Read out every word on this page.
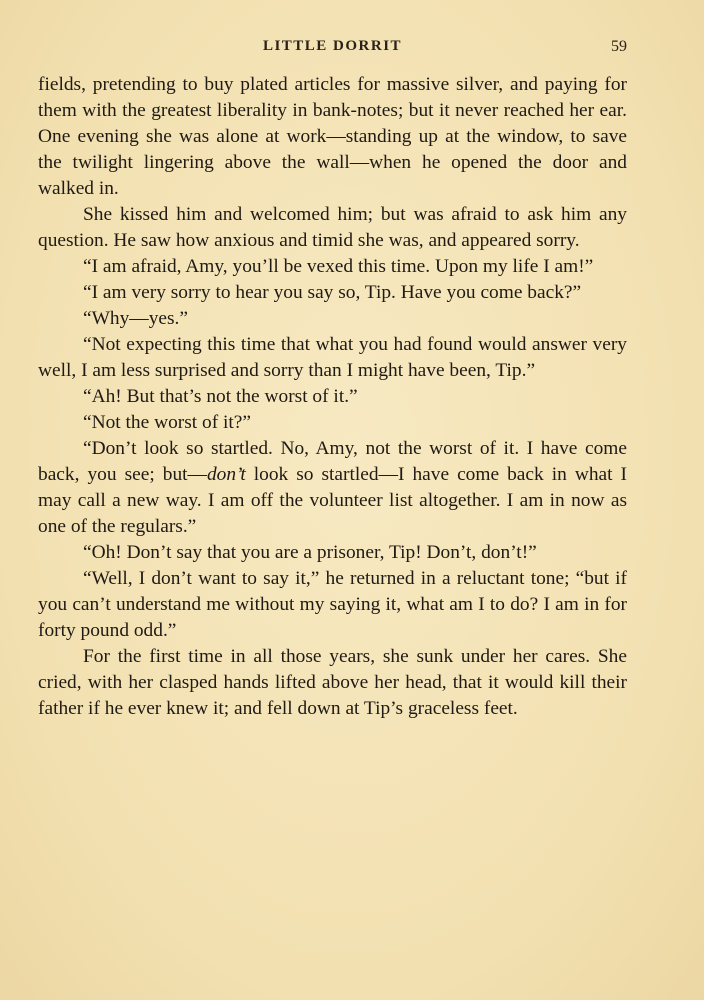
LITTLE DORRIT	59

fields, pretending to buy plated articles for massive silver, and paying for them with the greatest liberality in bank-notes; but it never reached her ear. One evening she was alone at work—standing up at the window, to save the twilight lingering above the wall—when he opened the door and walked in.

She kissed him and welcomed him; but was afraid to ask him any question. He saw how anxious and timid she was, and appeared sorry.

“I am afraid, Amy, you’ll be vexed this time. Upon my life I am!”

“I am very sorry to hear you say so, Tip. Have you come back?”

“Why—yes.”

“Not expecting this time that what you had found would answer very well, I am less surprised and sorry than I might have been, Tip.”

“Ah! But that’s not the worst of it.”

“Not the worst of it?”

“Don’t look so startled. No, Amy, not the worst of it. I have come back, you see; but—don’t look so startled—I have come back in what I may call a new way. I am off the volunteer list altogether. I am in now as one of the regulars.”

“Oh! Don’t say that you are a prisoner, Tip! Don’t, don’t!”

“Well, I don’t want to say it,” he returned in a reluctant tone; “but if you can’t understand me without my saying it, what am I to do? I am in for forty pound odd.”

For the first time in all those years, she sunk under her cares. She cried, with her clasped hands lifted above her head, that it would kill their father if he ever knew it; and fell down at Tip’s graceless feet.
